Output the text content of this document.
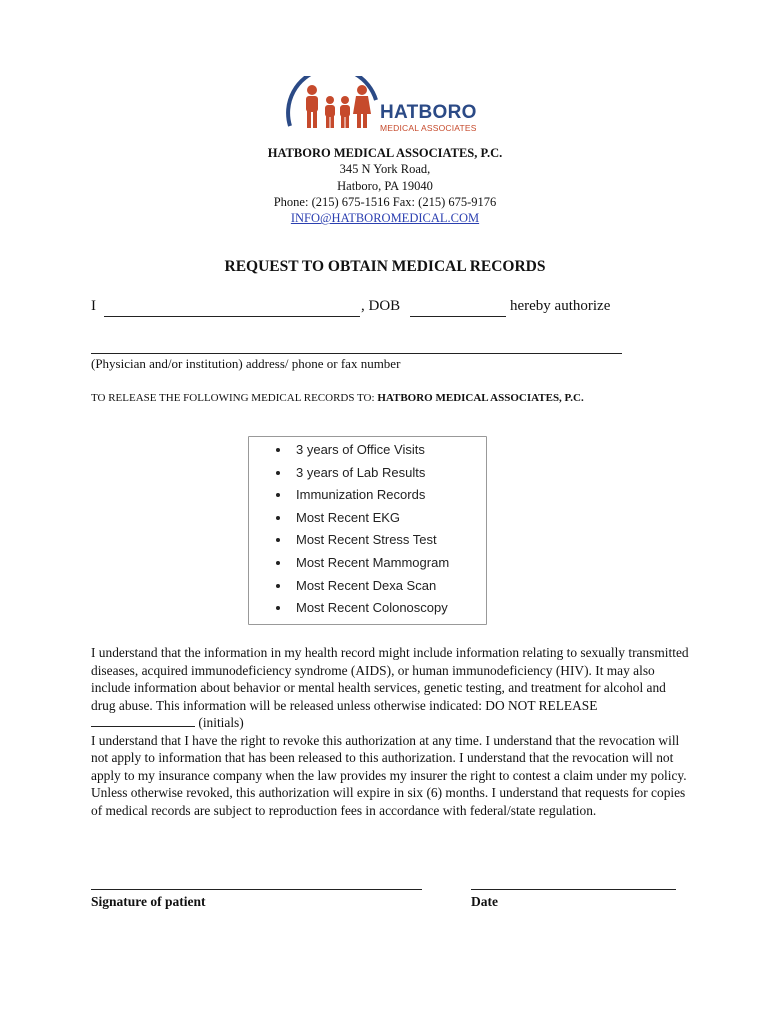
HATBORO
MEDICAL ASSOCIATES
HATBORO MEDICAL ASSOCIATES, P.C.
345 N York Road,
Hatboro, PA 19040
Phone: (215) 675-1516 Fax: (215) 675-9176
INFO@HATBOROMEDICAL.COM
REQUEST TO OBTAIN MEDICAL RECORDS
I	, DOB	hereby authorize
(Physician and/or institution) address/ phone or fax number
TO RELEASE THE FOLLOWING MEDICAL RECORDS TO: HATBORO MEDICAL ASSOCIATES, P.C.
3 years of Office Visits
3 years of Lab Results
Immunization Records
Most Recent EKG
Most Recent Stress Test
Most Recent Mammogram
Most Recent Dexa Scan
Most Recent Colonoscopy
I understand that the information in my health record might include information relating to sexually transmitted diseases, acquired immunodeficiency syndrome (AIDS), or human immunodeficiency (HIV). It may also include information about behavior or mental health services, genetic testing, and treatment for alcohol and drug abuse. This information will be released unless otherwise indicated: DO NOT RELEASE  (initials)
I understand that I have the right to revoke this authorization at any time. I understand that the revocation will not apply to information that has been released to this authorization. I understand that the revocation will not apply to my insurance company when the law provides my insurer the right to contest a claim under my policy. Unless otherwise revoked, this authorization will expire in six (6) months. I understand that requests for copies of medical records are subject to reproduction fees in accordance with federal/state regulation.
Signature of patient	Date
